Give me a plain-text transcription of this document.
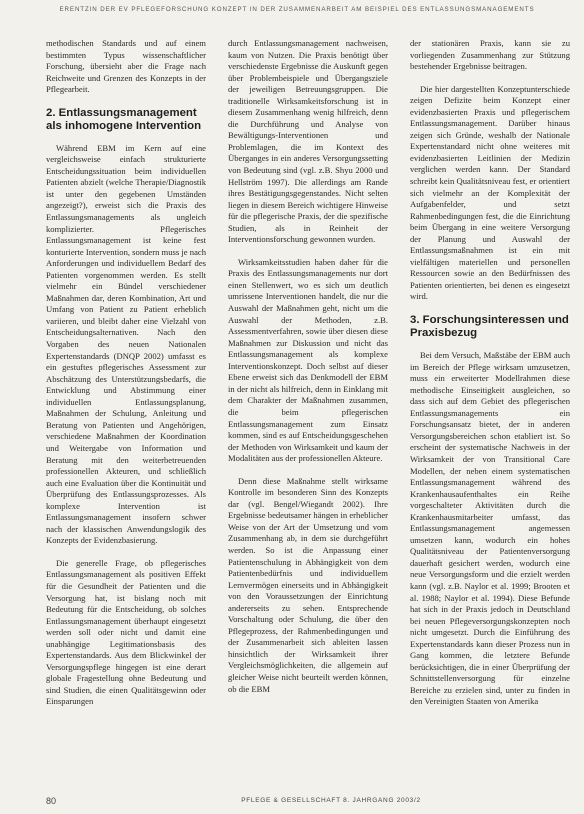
ERENTZIN DER EV PFLEGEFORSCHUNG KONZEPT IN DER ZUSAMMENARBEIT AM BEISPIEL DES ENTLASSUNGSMANAGEMENTS

methodischen Standards und auf einem bestimmten Typus wissenschaftlicher Forschung, übersieht aber die Frage nach Reichweite und Grenzen des Konzepts in der Pflegearbeit.

2. Entlassungsmanagement als inhomogene Intervention

Während EBM im Kern auf eine vergleichsweise einfach strukturierte Entscheidungssituation beim individuellen Patienten abzielt (welche Therapie/Diagnostik ist unter den gegebenen Umständen angezeigt?), erweist sich die Praxis des Entlassungsmanagements als ungleich komplizierter. Pflegerisches Entlassungsmanagement ist keine fest konturierte Intervention, sondern muss je nach Anforderungen und individuellem Bedarf des Patienten vorgenommen werden. Es stellt vielmehr ein Bündel verschiedener Maßnahmen dar, deren Kombination, Art und Umfang von Patient zu Patient erheblich variieren, und bleibt daher eine Vielzahl von Entscheidungsalternativen. Nach den Vorgaben des neuen Nationalen Expertenstandards (DNQP 2002) umfasst es ein gestuftes pflegerisches Assessment zur Abschätzung des Unterstützungsbedarfs, die Entwicklung und Abstimmung einer individuellen Entlassungsplanung, Maßnahmen der Schulung, Anleitung und Beratung von Patienten und Angehörigen, verschiedene Maßnahmen der Koordination und Weitergabe von Information und Beratung mit den weiterbetreuenden professionellen Akteuren, und schließlich auch eine Evaluation über die Kontinuität und Überprüfung des Entlassungsprozesses. Als komplexe Intervention ist Entlassungsmanagement insofern schwer nach der klassischen Anwendungslogik des Konzepts der Evidenzbasierung.

Die generelle Frage, ob pflegerisches Entlassungsmanagement als positiven Effekt für die Gesundheit der Patienten und die Versorgung hat, ist bislang noch mit Bedeutung für die Entscheidung, ob solches Entlassungsmanagement überhaupt eingesetzt werden soll oder nicht und damit eine unabhängige Legitimationsbasis des Expertenstandards. Aus dem Blickwinkel der Versorgungspflege hingegen ist eine derart globale Fragestellung ohne Bedeutung und sind Studien, die einen Qualitätsgewinn oder Einsparungen

durch Entlassungsmanagement nachweisen, kaum von Nutzen. Die Praxis benötigt über verschiedenste Ergebnisse die Auskunft gegen über Problembeispiele und Übergangsziele der jeweiligen Betreuungsgruppen. Die traditionelle Wirksamkeitsforschung ist in diesem Zusammenhang wenig hilfreich, denn die Durchführung und Analyse von Bewältigungs-Interventionen und Problemlagen, die im Kontext des Überganges in ein anderes Versorgungssetting von Bedeutung sind (vgl. z.B. Shyu 2000 und Hellström 1997). Die allerdings am Rande ihres Bestätigungsgegenstandes. Nicht selten liegen in diesem Bereich wichtigere Hinweise für die pflegerische Praxis, der die spezifische Studien, als in Reinheit der Interventionsforschung gewonnen wurden.

Wirksamkeitsstudien haben daher für die Praxis des Entlassungsmanagements nur dort einen Stellenwert, wo es sich um deutlich umrissene Interventionen handelt, die nur die Auswahl der Maßnahmen geht, nicht um die Auswahl der Methoden, z.B. Assessmentverfahren, sowie über diesen diese Maßnahmen zur Diskussion und nicht das Entlassungsmanagement als komplexe Interventionskonzept. Doch selbst auf dieser Ebene erweist sich das Denkmodell der EBM in der nicht als hilfreich, denn in Einklang mit dem Charakter der Maßnahmen zusammen, die beim pflegerischen Entlassungsmanagement zum Einsatz kommen, sind es auf Entscheidungsgeschehen der Methoden von Wirksamkeit und kaum der Modalitäten aus der professionellen Akteure.

Denn diese Maßnahme stellt wirksame Kontrolle im besonderen Sinn des Konzepts dar (vgl. Bengel/Wiegandt 2002). Ihre Ergebnisse bedeutsamer hängen in erheblicher Weise von der Art der Umsetzung und vom Zusammenhang ab, in dem sie durchgeführt werden. So ist die Anpassung einer Patientenschulung in Abhängigkeit von dem Patientenbedürfnis und individuellem Lernvermögen einerseits und in Abhängigkeit von den Voraussetzungen der Einrichtung andererseits zu sehen. Entsprechende Vorschaltung oder Schulung, die über den Pflegeprozess, der Rahmenbedingungen und der Zusammenarbeit sich ableiten lassen hinsichtlich der Wirksamkeit ihrer Vergleichsmöglichkeiten, die allgemein auf gleicher Weise nicht beurteilt werden können, ob die EBM

der stationären Praxis, kann sie zu vorliegenden Zusammenhang zur Stützung bestehender Ergebnisse beitragen.

Die hier dargestellten Konzeptunterschiede zeigen Defizite beim Konzept einer evidenzbasierten Praxis und pflegerischem Entlassungsmanagement. Darüber hinaus zeigen sich Gründe, weshalb der Nationale Expertenstandard nicht ohne weiteres mit evidenzbasierten Leitlinien der Medizin verglichen werden kann. Der Standard schreibt kein Qualitätsniveau fest, er orientiert sich vielmehr an der Komplexität der Aufgabenfelder, und setzt Rahmenbedingungen fest, die die Einrichtung beim Übergang in eine weitere Versorgung der Planung und Auswahl der Entlassungsmaßnahmen ist ein mit vielfältigen materiellen und personellen Ressourcen sowie an den Bedürfnissen des Patienten orientierten, bei denen es eingesetzt wird.

3. Forschungsinteressen und Praxisbezug

Bei dem Versuch, Maßstäbe der EBM auch im Bereich der Pflege wirksam umzusetzen, muss ein erweiterter Modellrahmen diese methodische Einseitigkeit ausgleichen, so dass sich auf dem Gebiet des pflegerischen Entlassungsmanagements ein Forschungsansatz bietet, der in anderen Versorgungsbereichen schon etabliert ist. So erscheint der systematische Nachweis in der Wirksamkeit der von Transitional Care Modellen, der neben einem systematischen Entlassungsmanagement während des Krankenhausaufenthaltes ein Reihe vorgeschalteter Aktivitäten durch die Krankenhausmitarbeiter umfasst, das Entlassungsmanagement angemessen umsetzen kann, wodurch ein hohes Qualitätsniveau der Patientenversorgung dauerhaft gesichert werden, wodurch eine neue Versorgungsform und die erzielt werden kann (vgl. z.B. Naylor et al. 1999; Brooten et al. 1988; Naylor et al. 1994). Diese Befunde hat sich in der Praxis jedoch in Deutschland bei neuen Pflegeversorgungskonzepten noch nicht umgesetzt. Durch die Einführung des Expertenstandards kann dieser Prozess nun in Gang kommen, die letztere Befunde berücksichtigen, die in einer Überprüfung der Schnittstellenversorgung für einzelne Bereiche zu erzielen sind, unter zu finden in den Vereinigten Staaten von Amerika

80	PFLEGE & GESELLSCHAFT 8. JAHRGANG 2003/2
